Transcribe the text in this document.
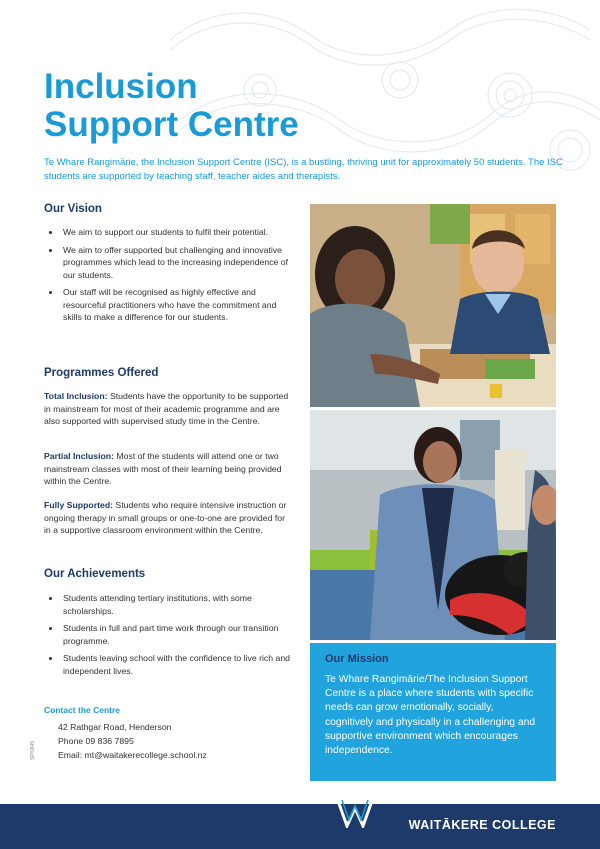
Inclusion
Support Centre
Te Whare Rangimārie, the Inclusion Support Centre (ISC), is a bustling, thriving unit for approximately 50 students. The ISC students are supported by teaching staff, teacher aides and therapists.
Our Vision
• We aim to support our students to fulfil their potential.
• We aim to offer supported but challenging and innovative programmes which lead to the increasing independence of our students.
• Our staff will be recognised as highly effective and resourceful practitioners who have the commitment and skills to make a difference for our students.
Programmes Offered

Total Inclusion: Students have the opportunity to be supported in mainstream for most of their academic programme and are also supported with supervised study time in the Centre.

Partial Inclusion: Most of the students will attend one or two mainstream classes with most of their learning being provided within the Centre.

Fully Supported: Students who require intensive instruction or ongoing therapy in small groups or one-to-one are provided for in a supportive classroom environment within the Centre.

Our Achievements
• Students attending tertiary institutions, with some scholarships.
• Students in full and part time work through our transition programme.
• Students leaving school with the confidence to live rich and independent lives.
Contact the Centre
42 Rathgar Road, Henderson
Phone 09 836 7895
Email: mt@waitakerecollege.school.nz
SP/0845
Our Mission
Te Whare Rangimārie/The Inclusion Support Centre is a place where students with specific needs can grow emotionally, socially, cognitively and physically in a challenging and supportive environment which encourages independence.
WAITĀKERE COLLEGE
